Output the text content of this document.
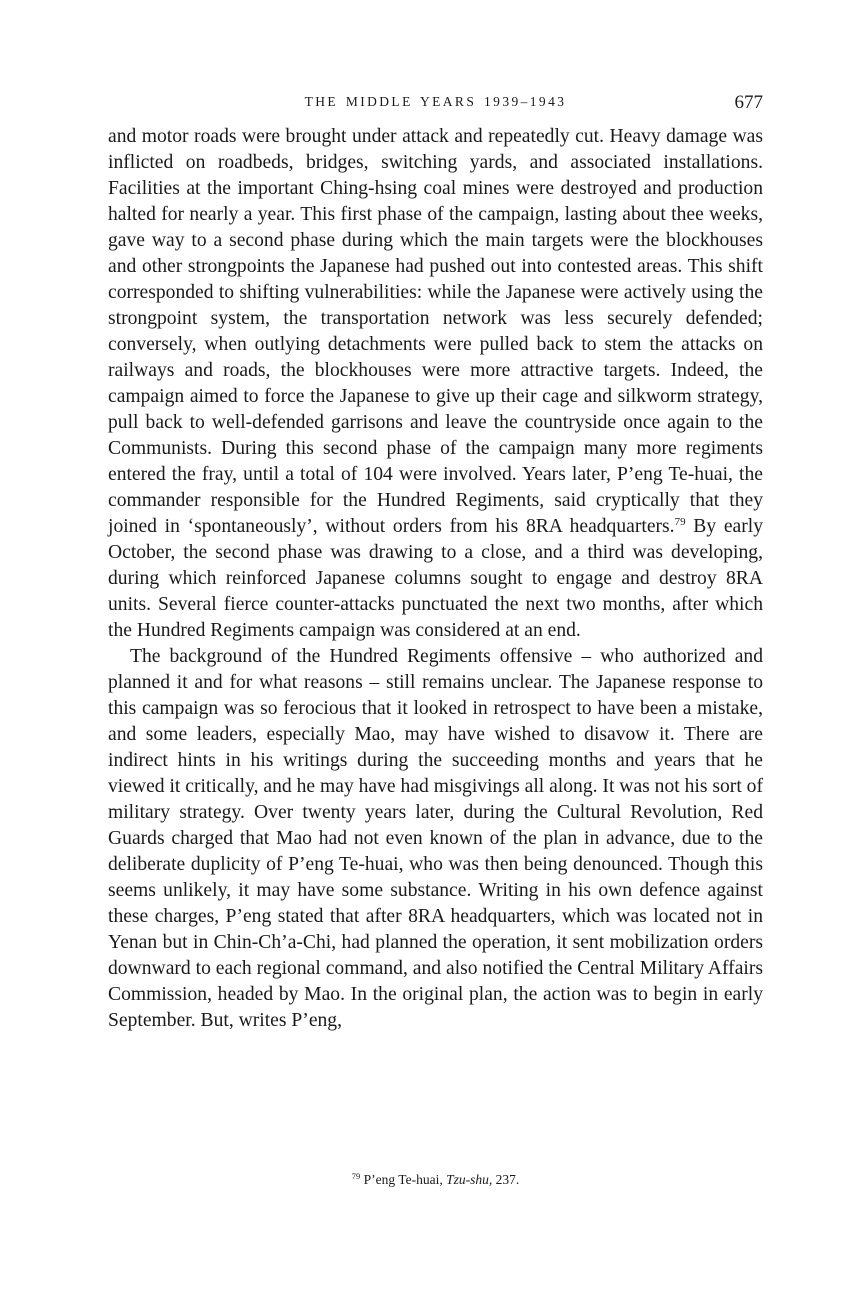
THE MIDDLE YEARS 1939–1943	677

and motor roads were brought under attack and repeatedly cut. Heavy damage was inflicted on roadbeds, bridges, switching yards, and associated installations. Facilities at the important Ching-hsing coal mines were destroyed and production halted for nearly a year. This first phase of the campaign, lasting about thee weeks, gave way to a second phase during which the main targets were the blockhouses and other strongpoints the Japanese had pushed out into contested areas. This shift corresponded to shifting vulnerabilities: while the Japanese were actively using the strongpoint system, the transportation network was less securely defended; conversely, when outlying detachments were pulled back to stem the attacks on railways and roads, the blockhouses were more attractive targets. Indeed, the campaign aimed to force the Japanese to give up their cage and silkworm strategy, pull back to well-defended garrisons and leave the countryside once again to the Communists. During this second phase of the campaign many more regiments entered the fray, until a total of 104 were involved. Years later, P’eng Te-huai, the commander responsible for the Hundred Regiments, said cryptically that they joined in ‘spontaneously’, without orders from his 8RA headquarters.$^{79}$ By early October, the second phase was drawing to a close, and a third was developing, during which reinforced Japanese columns sought to engage and destroy 8RA units. Several fierce counter-attacks punctuated the next two months, after which the Hundred Regiments campaign was considered at an end.

The background of the Hundred Regiments offensive – who authorized and planned it and for what reasons – still remains unclear. The Japanese response to this campaign was so ferocious that it looked in retrospect to have been a mistake, and some leaders, especially Mao, may have wished to disavow it. There are indirect hints in his writings during the succeeding months and years that he viewed it critically, and he may have had misgivings all along. It was not his sort of military strategy. Over twenty years later, during the Cultural Revolution, Red Guards charged that Mao had not even known of the plan in advance, due to the deliberate duplicity of P’eng Te-huai, who was then being denounced. Though this seems unlikely, it may have some substance. Writing in his own defence against these charges, P’eng stated that after 8RA headquarters, which was located not in Yenan but in Chin-Ch’a-Chi, had planned the operation, it sent mobilization orders downward to each regional command, and also notified the Central Military Affairs Commission, headed by Mao. In the original plan, the action was to begin in early September. But, writes P’eng,

$^{79}$ P’eng Te-huai, Tzu-shu, 237.
